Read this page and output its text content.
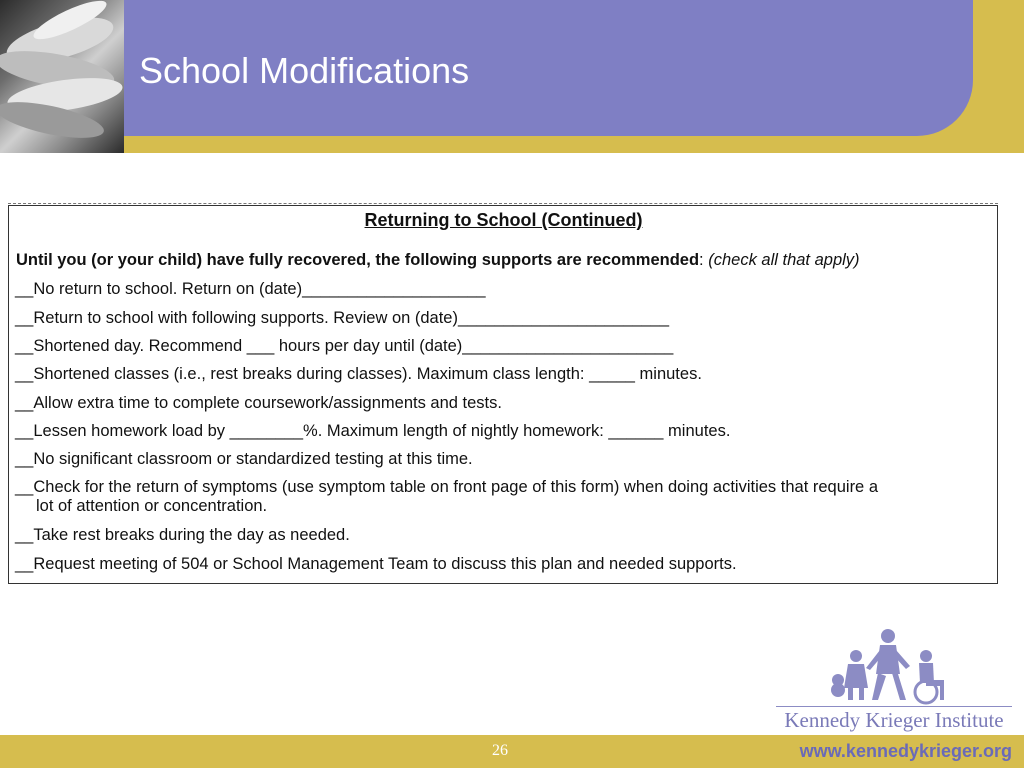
School Modifications
Returning to School (Continued)
Until you (or your child) have fully recovered, the following supports are recommended: (check all that apply)
__No return to school. Return on (date)____________________
__Return to school with following supports. Review on (date)_______________________
__Shortened day. Recommend ___ hours per day until (date)_______________________
__Shortened classes (i.e., rest breaks during classes). Maximum class length: _____ minutes.
__Allow extra time to complete coursework/assignments and tests.
__Lessen homework load by ________%. Maximum length of nightly homework: ______ minutes.
__No significant classroom or standardized testing at this time.
__Check for the return of symptoms (use symptom table on front page of this form) when doing activities that require a
lot of attention or concentration.
__Take rest breaks during the day as needed.
__Request meeting of 504 or School Management Team to discuss this plan and needed supports.
Kennedy Krieger Institute
26	www.kennedykrieger.org
